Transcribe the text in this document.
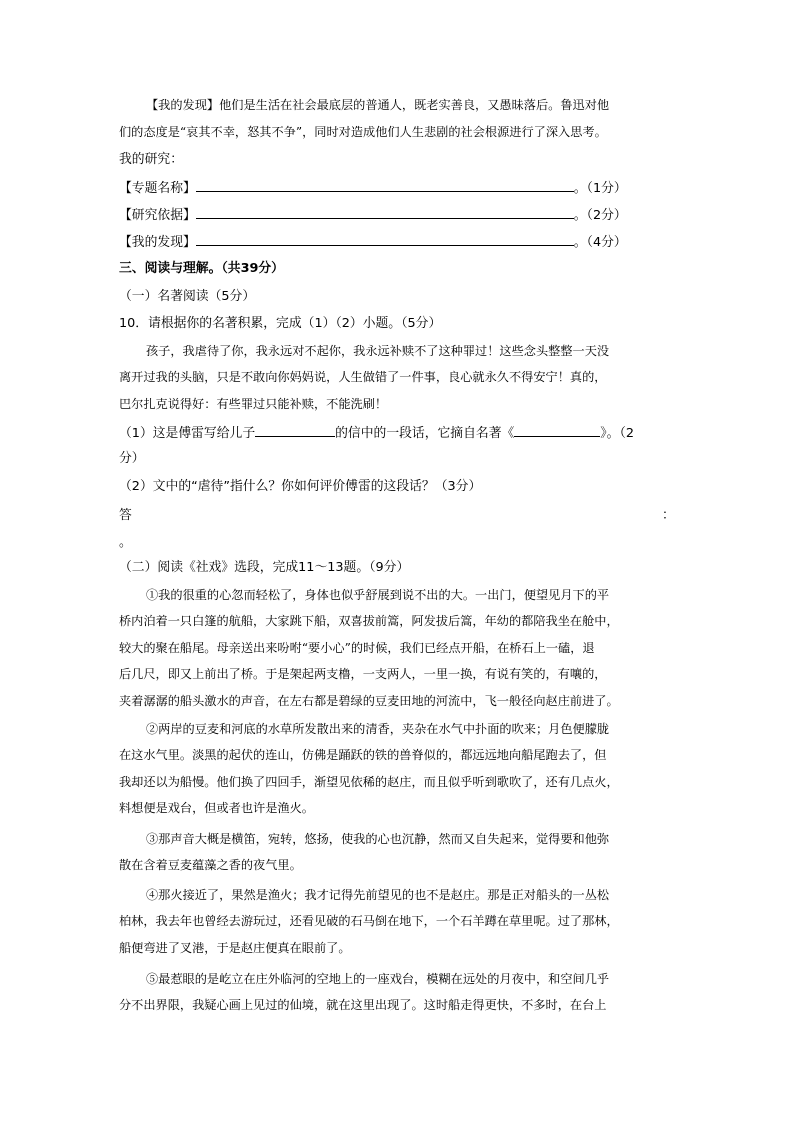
【我的发现】他们是生活在社会最底层的普通人，既老实善良，又愚昧落后。鲁迅对他
们的态度是“哀其不幸，怒其不争”，同时对造成他们人生悲剧的社会根源进行了深入思考。
我的研究：
【专题名称】	。（1分）
【研究依据】	。（2分）
【我的发现】	。（4分）
三、阅读与理解。（共39分）
（一）名著阅读（5分）
10．请根据你的名著积累，完成（1）（2）小题。（5分）
孩子，我虐待了你，我永远对不起你，我永远补赎不了这种罪过！这些念头整整一天没
离开过我的头脑，只是不敢向你妈妈说，人生做错了一件事，良心就永久不得安宁！真的，
巴尔扎克说得好：有些罪过只能补赎，不能洗刷！
（1）这是傅雷写给儿子	的信中的一段话，它摘自名著《	》。（2
分）
（2）文中的“虐待”指什么？你如何评价傅雷的这段话？（3分）
答	：
。
（二）阅读《社戏》选段，完成11～13题。（9分）
①我的很重的心忽而轻松了，身体也似乎舒展到说不出的大。一出门，便望见月下的平
桥内泊着一只白篷的航船，大家跳下船，双喜拔前篙，阿发拔后篙，年幼的都陪我坐在舱中，
较大的聚在船尾。母亲送出来吩咐“要小心”的时候，我们已经点开船，在桥石上一磕，退
后几尺，即又上前出了桥。于是架起两支橹，一支两人，一里一换，有说有笑的，有嚷的，
夹着潺潺的船头激水的声音，在左右都是碧绿的豆麦田地的河流中，飞一般径向赵庄前进了。
②两岸的豆麦和河底的水草所发散出来的清香，夹杂在水气中扑面的吹来；月色便朦胧
在这水气里。淡黑的起伏的连山，仿佛是踊跃的铁的兽脊似的，都远远地向船尾跑去了，但
我却还以为船慢。他们换了四回手，渐望见依稀的赵庄，而且似乎听到歌吹了，还有几点火，
料想便是戏台，但或者也许是渔火。
③那声音大概是横笛，宛转，悠扬，使我的心也沉静，然而又自失起来，觉得要和他弥
散在含着豆麦蕴藻之香的夜气里。
④那火接近了，果然是渔火；我才记得先前望见的也不是赵庄。那是正对船头的一丛松
柏林，我去年也曾经去游玩过，还看见破的石马倒在地下，一个石羊蹲在草里呢。过了那林，
船便弯进了叉港，于是赵庄便真在眼前了。
⑤最惹眼的是屹立在庄外临河的空地上的一座戏台，模糊在远处的月夜中，和空间几乎
分不出界限，我疑心画上见过的仙境，就在这里出现了。这时船走得更快，不多时，在台上
